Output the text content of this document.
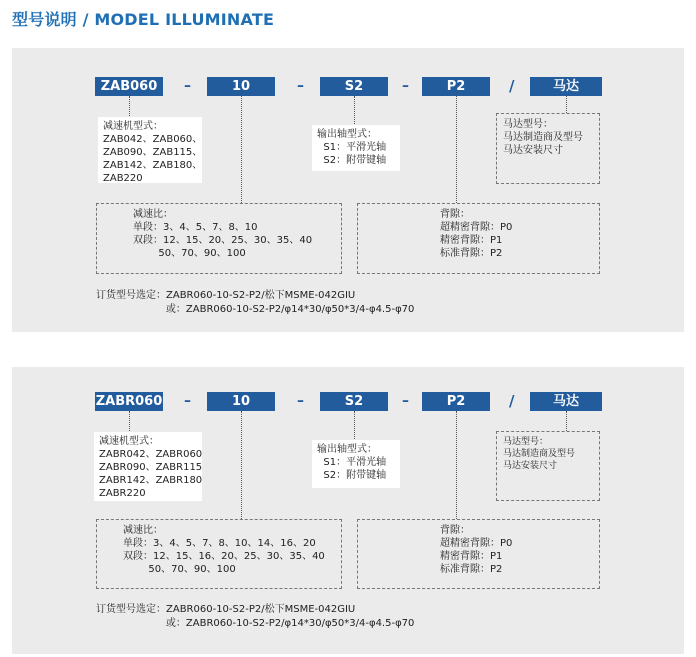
型号说明 / MODEL ILLUMINATE
ZAB060	–	10	–	S2	–	P2	/	马达
减速机型式：
ZAB042、ZAB060、
ZAB090、ZAB115、
ZAB142、ZAB180、
ZAB220
输出轴型式：
S1：平滑光轴
S2：附带键轴
马达型号：
马达制造商及型号
马达安装尺寸
减速比：
单段：3、4、5、7、8、10
双段：12、15、20、25、30、35、40
50、70、90、100
背隙：
超精密背隙：P0
精密背隙：P1
标准背隙：P2
订货型号选定：ZABR060-10-S2-P2/松下MSME-042GIU
或：ZABR060-10-S2-P2/φ14*30/φ50*3/4-φ4.5-φ70
ZABR060 –	10	–	S2	–	P2	/	马达
减速机型式：
ZABR042、ZABR060
ZABR090、ZABR115
ZABR142、ZABR180
ZABR220
输出轴型式：
S1：平滑光轴
S2：附带键轴
马达型号：
马达制造商及型号
马达安装尺寸
减速比：
单段：3、4、5、7、8、10、14、16、20
双段：12、15、16、20、25、30、35、40
50、70、90、100
背隙：
超精密背隙：P0
精密背隙：P1
标准背隙：P2
订货型号选定：ZABR060-10-S2-P2/松下MSME-042GIU
或：ZABR060-10-S2-P2/φ14*30/φ50*3/4-φ4.5-φ70
